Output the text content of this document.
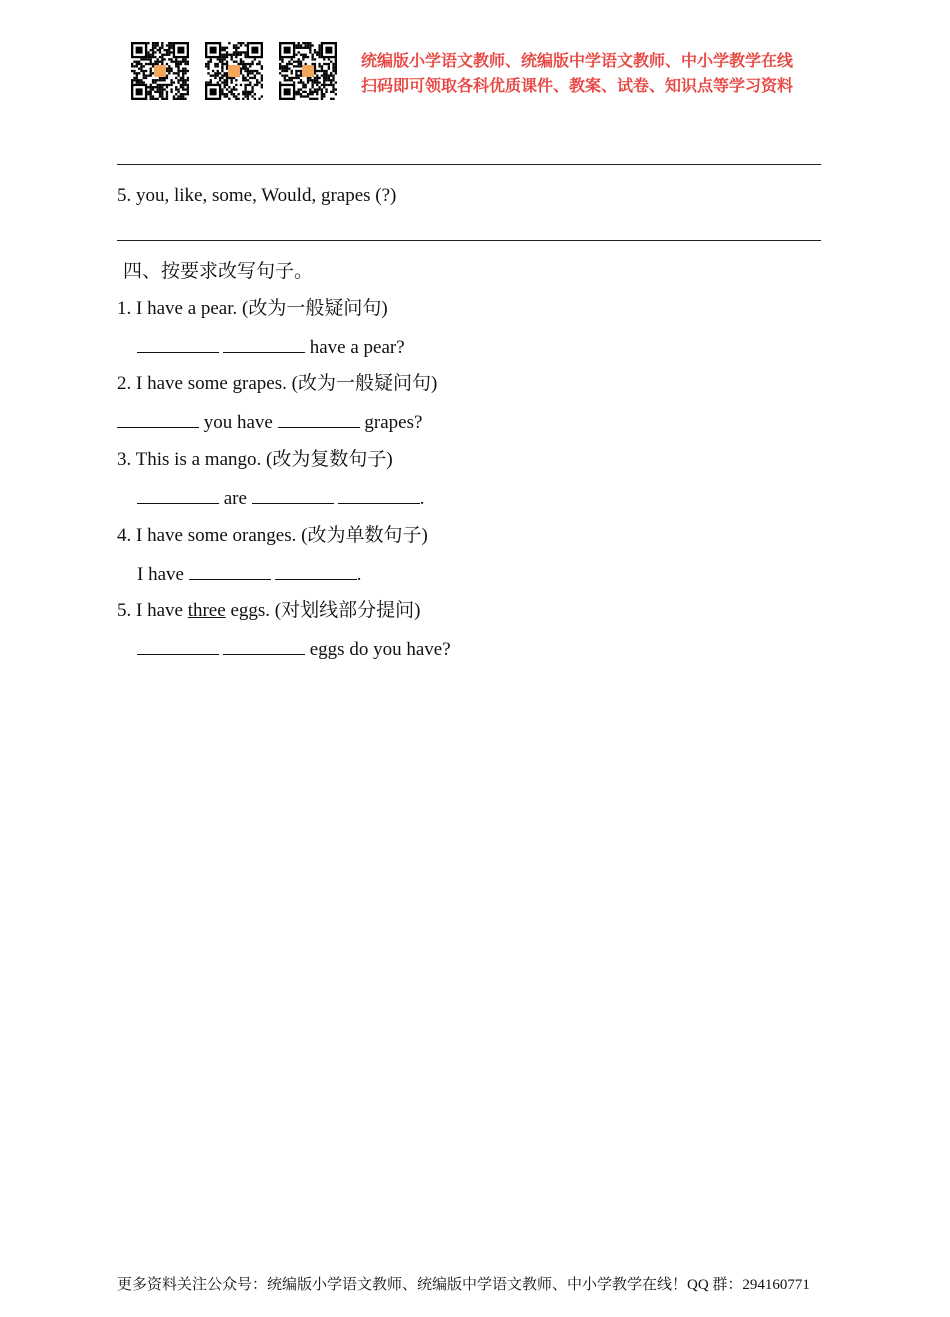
统编版小学语文教师、统编版中学语文教师、中小学教学在线
扫码即可领取各科优质课件、教案、试卷、知识点等学习资料
5. you, like, some, Would, grapes (?)
四、按要求改写句子。
1. I have a pear. (改为一般疑问句)
have a pear?
2. I have some grapes. (改为一般疑问句)
you have	grapes?
3. This is a mango. (改为复数句子)
are	.
4. I have some oranges. (改为单数句子)
I have	.
5. I have three eggs. (对划线部分提问)
eggs do you have?
更多资料关注公众号：统编版小学语文教师、统编版中学语文教师、中小学教学在线！QQ 群：294160771
